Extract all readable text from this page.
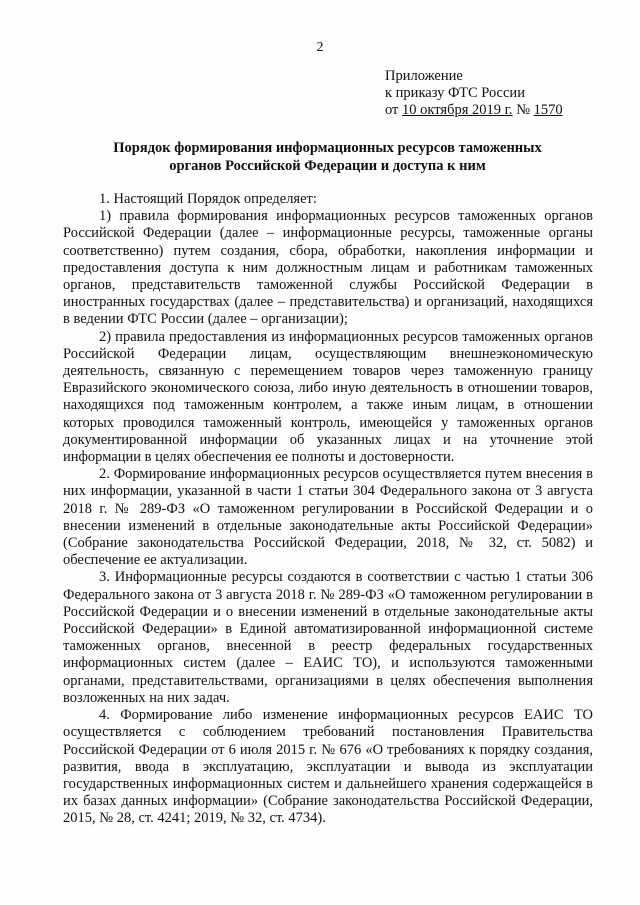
2
Приложение
к приказу ФТС России
от 10 октября 2019 г. № 1570
Порядок формирования информационных ресурсов таможенных
органов Российской Федерации и доступа к ним

1. Настоящий Порядок определяет:

1) правила формирования информационных ресурсов таможенных органов Российской Федерации (далее – информационные ресурсы, таможенные органы соответственно) путем создания, сбора, обработки, накопления информации и предоставления доступа к ним должностным лицам и работникам таможенных органов, представительств таможенной службы Российской Федерации в иностранных государствах (далее – представительства) и организаций, находящихся в ведении ФТС России (далее – организации);

2) правила предоставления из информационных ресурсов таможенных органов Российской Федерации лицам, осуществляющим внешнеэкономическую деятельность, связанную с перемещением товаров через таможенную границу Евразийского экономического союза, либо иную деятельность в отношении товаров, находящихся под таможенным контролем, а также иным лицам, в отношении которых проводился таможенный контроль, имеющейся у таможенных органов документированной информации об указанных лицах и на уточнение этой информации в целях обеспечения ее полноты и достоверности.

2. Формирование информационных ресурсов осуществляется путем внесения в них информации, указанной в части 1 статьи 304 Федерального закона от 3 августа 2018 г. № 289-ФЗ «О таможенном регулировании в Российской Федерации и о внесении изменений в отдельные законодательные акты Российской Федерации» (Собрание законодательства Российской Федерации, 2018, № 32, ст. 5082) и обеспечение ее актуализации.

3. Информационные ресурсы создаются в соответствии с частью 1 статьи 306 Федерального закона от 3 августа 2018 г. № 289-ФЗ «О таможенном регулировании в Российской Федерации и о внесении изменений в отдельные законодательные акты Российской Федерации» в Единой автоматизированной информационной системе таможенных органов, внесенной в реестр федеральных государственных информационных систем (далее – ЕАИС ТО), и используются таможенными органами, представительствами, организациями в целях обеспечения выполнения возложенных на них задач.

4. Формирование либо изменение информационных ресурсов ЕАИС ТО осуществляется с соблюдением требований постановления Правительства Российской Федерации от 6 июля 2015 г. № 676 «О требованиях к порядку создания, развития, ввода в эксплуатацию, эксплуатации и вывода из эксплуатации государственных информационных систем и дальнейшего хранения содержащейся в их базах данных информации» (Собрание законодательства Российской Федерации, 2015, № 28, ст. 4241; 2019, № 32, ст. 4734).
